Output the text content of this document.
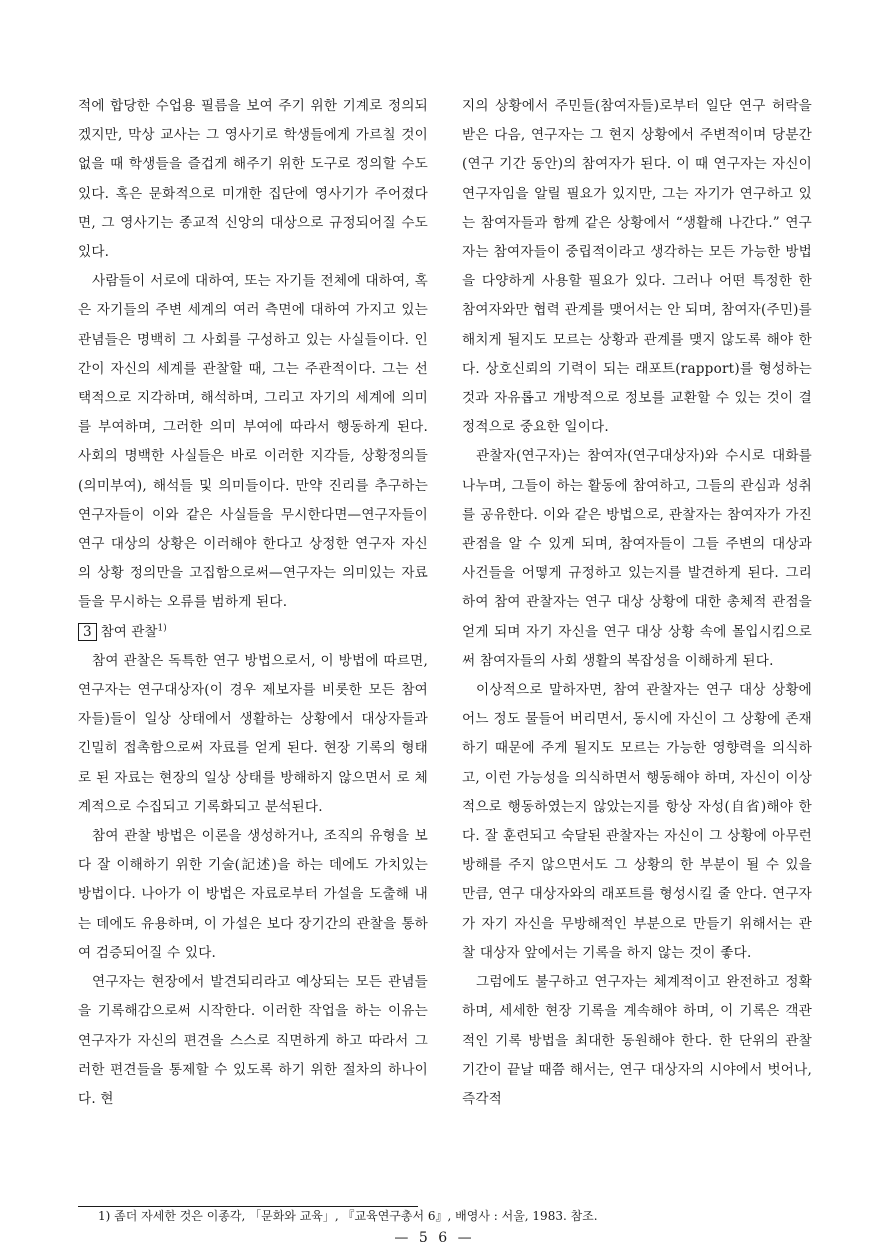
적에 합당한 수업용 필름을 보여 주기 위한 기계로 정의되겠지만, 막상 교사는 그 영사기로 학생들에게 가르칠 것이 없을 때 학생들을 즐겁게 해주기 위한 도구로 정의할 수도 있다. 혹은 문화적으로 미개한 집단에 영사기가 주어졌다면, 그 영사기는 종교적 신앙의 대상으로 규정되어질 수도 있다.

사람들이 서로에 대하여, 또는 자기들 전체에 대하여, 혹은 자기들의 주변 세계의 여러 측면에 대하여 가지고 있는 관념들은 명백히 그 사회를 구성하고 있는 사실들이다. 인간이 자신의 세계를 관찰할 때, 그는 주관적이다. 그는 선택적으로 지각하며, 해석하며, 그리고 자기의 세계에 의미를 부여하며, 그러한 의미 부여에 따라서 행동하게 된다. 사회의 명백한 사실들은 바로 이러한 지각들, 상황정의들(의미부여), 해석들 및 의미들이다. 만약 진리를 추구하는 연구자들이 이와 같은 사실들을 무시한다면—연구자들이 연구 대상의 상황은 이러해야 한다고 상정한 연구자 자신의 상황 정의만을 고집함으로써—연구자는 의미있는 자료들을 무시하는 오류를 범하게 된다.

3 참여 관찰$^{1)}$

참여 관찰은 독특한 연구 방법으로서, 이 방법에 따르면, 연구자는 연구대상자(이 경우 제보자를 비롯한 모든 참여자들)들이 일상 상태에서 생활하는 상황에서 대상자들과 긴밀히 접촉함으로써 자료를 얻게 된다. 현장 기록의 형태로 된 자료는 현장의 일상 상태를 방해하지 않으면서 로 체계적으로 수집되고 기록화되고 분석된다.

참여 관찰 방법은 이론을 생성하거나, 조직의 유형을 보다 잘 이해하기 위한 기술(記述)을 하는 데에도 가치있는 방법이다. 나아가 이 방법은 자료로부터 가설을 도출해 내는 데에도 유용하며, 이 가설은 보다 장기간의 관찰을 통하여 검증되어질 수 있다.

연구자는 현장에서 발견되리라고 예상되는 모든 관념들을 기록해감으로써 시작한다. 이러한 작업을 하는 이유는 연구자가 자신의 편견을 스스로 직면하게 하고 따라서 그러한 편견들을 통제할 수 있도록 하기 위한 절차의 하나이다. 현

지의 상황에서 주민들(참여자들)로부터 일단 연구 허락을 받은 다음, 연구자는 그 현지 상황에서 주변적이며 당분간(연구 기간 동안)의 참여자가 된다. 이 때 연구자는 자신이 연구자임을 알릴 필요가 있지만, 그는 자기가 연구하고 있는 참여자들과 함께 같은 상황에서 “생활해 나간다.” 연구자는 참여자들이 중립적이라고 생각하는 모든 가능한 방법을 다양하게 사용할 필요가 있다. 그러나 어떤 특정한 한 참여자와만 협력 관계를 맺어서는 안 되며, 참여자(주민)를 해치게 될지도 모르는 상황과 관계를 맺지 않도록 해야 한다. 상호신뢰의 기력이 되는 래포트(rapport)를 형성하는 것과 자유롭고 개방적으로 정보를 교환할 수 있는 것이 결정적으로 중요한 일이다.

관찰자(연구자)는 참여자(연구대상자)와 수시로 대화를 나누며, 그들이 하는 활동에 참여하고, 그들의 관심과 성취를 공유한다. 이와 같은 방법으로, 관찰자는 참여자가 가진 관점을 알 수 있게 되며, 참여자들이 그들 주변의 대상과 사건들을 어떻게 규정하고 있는지를 발견하게 된다. 그리하여 참여 관찰자는 연구 대상 상황에 대한 총체적 관점을 얻게 되며 자기 자신을 연구 대상 상황 속에 몰입시킴으로써 참여자들의 사회 생활의 복잡성을 이해하게 된다.

이상적으로 말하자면, 참여 관찰자는 연구 대상 상황에 어느 정도 물들어 버리면서, 동시에 자신이 그 상황에 존재하기 때문에 주게 될지도 모르는 가능한 영향력을 의식하고, 이런 가능성을 의식하면서 행동해야 하며, 자신이 이상적으로 행동하였는지 않았는지를 항상 자성(自省)해야 한다. 잘 훈련되고 숙달된 관찰자는 자신이 그 상황에 아무런 방해를 주지 않으면서도 그 상황의 한 부분이 될 수 있을 만큼, 연구 대상자와의 래포트를 형성시킬 줄 안다. 연구자가 자기 자신을 무방해적인 부분으로 만들기 위해서는 관찰 대상자 앞에서는 기록을 하지 않는 것이 좋다.

그럼에도 불구하고 연구자는 체계적이고 완전하고 정확하며, 세세한 현장 기록을 계속해야 하며, 이 기록은 객관적인 기록 방법을 최대한 동원해야 한다. 한 단위의 관찰 기간이 끝날 때쯤 해서는, 연구 대상자의 시야에서 벗어나, 즉각적

1) 좀더 자세한 것은 이종각, 「문화와 교육」, 『교육연구총서 6』, 배영사 : 서울, 1983. 참조.

— 5 6 —
